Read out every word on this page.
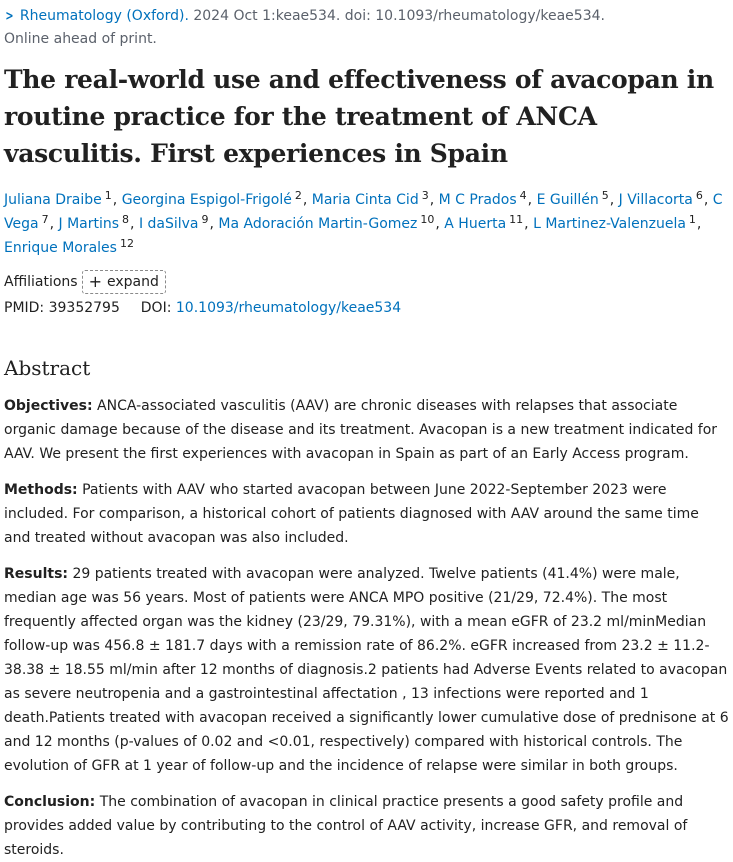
> Rheumatology (Oxford). 2024 Oct 1:keae534. doi: 10.1093/rheumatology/keae534.
Online ahead of print.
The real-world use and effectiveness of avacopan in routine practice for the treatment of ANCA vasculitis. First experiences in Spain
Juliana Draibe $^1$, Georgina Espigol-Frigolé $^2$, Maria Cinta Cid $^3$, M C Prados $^4$, E Guillén $^5$, J Villacorta $^6$, C Vega $^7$, J Martins $^8$, I daSilva $^9$, Ma Adoración Martin-Gomez $^{10}$, A Huerta $^{11}$, L Martinez-Valenzuela $^1$, Enrique Morales $^{12}$
Affiliations + expand
PMID: 39352795 DOI: 10.1093/rheumatology/keae534
Abstract

Objectives: ANCA-associated vasculitis (AAV) are chronic diseases with relapses that associate organic damage because of the disease and its treatment. Avacopan is a new treatment indicated for AAV. We present the first experiences with avacopan in Spain as part of an Early Access program.

Methods: Patients with AAV who started avacopan between June 2022-September 2023 were included. For comparison, a historical cohort of patients diagnosed with AAV around the same time and treated without avacopan was also included.

Results: 29 patients treated with avacopan were analyzed. Twelve patients (41.4%) were male, median age was 56 years. Most of patients were ANCA MPO positive (21/29, 72.4%). The most frequently affected organ was the kidney (23/29, 79.31%), with a mean eGFR of 23.2 ml/minMedian follow-up was 456.8 ± 181.7 days with a remission rate of 86.2%. eGFR increased from 23.2 ± 11.2-38.38 ± 18.55 ml/min after 12 months of diagnosis.2 patients had Adverse Events related to avacopan as severe neutropenia and a gastrointestinal affectation , 13 infections were reported and 1 death.Patients treated with avacopan received a significantly lower cumulative dose of prednisone at 6 and 12 months (p-values of 0.02 and <0.01, respectively) compared with historical controls. The evolution of GFR at 1 year of follow-up and the incidence of relapse were similar in both groups.

Conclusion: The combination of avacopan in clinical practice presents a good safety profile and provides added value by contributing to the control of AAV activity, increase GFR, and removal of steroids.
